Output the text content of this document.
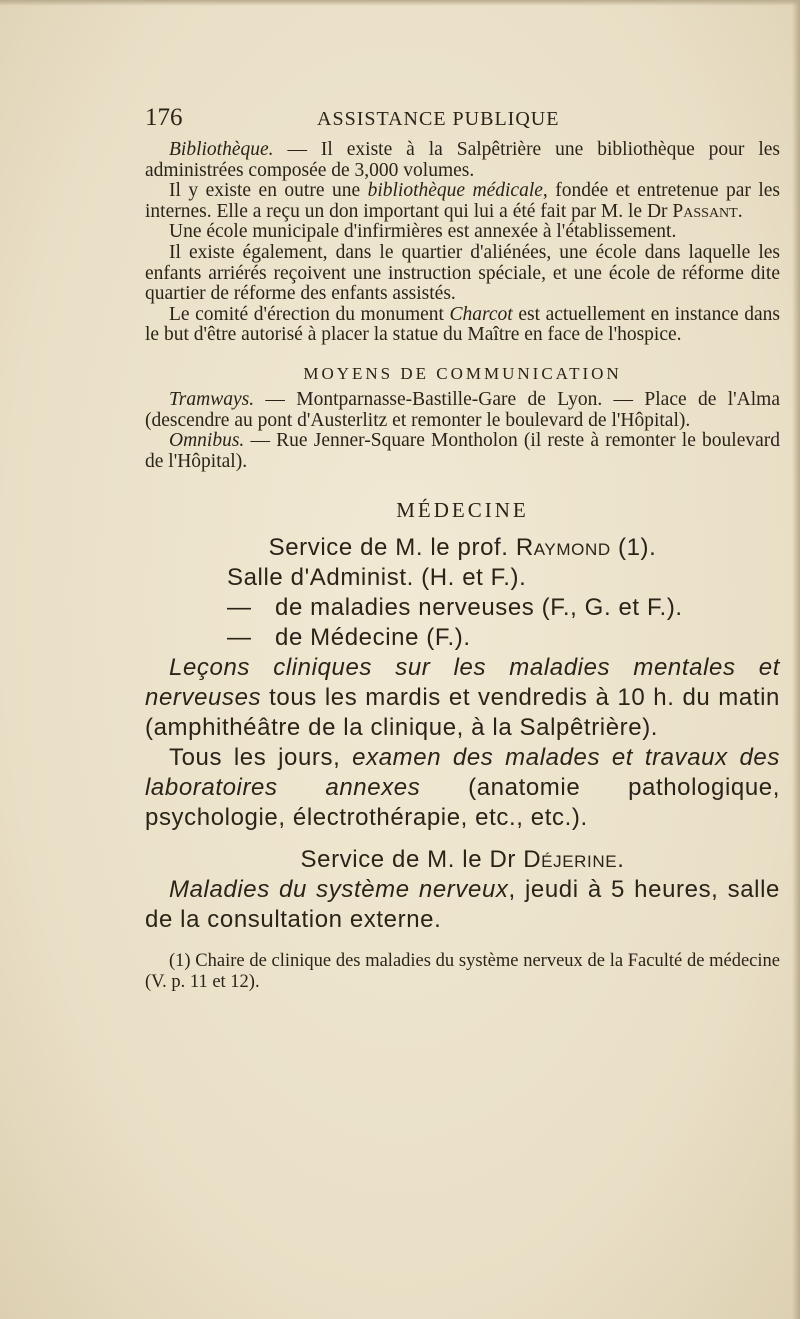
176	ASSISTANCE PUBLIQUE

Bibliothèque. — Il existe à la Salpêtrière une bibliothèque pour les administrées composée de 3,000 volumes.

Il y existe en outre une bibliothèque médicale, fondée et entretenue par les internes. Elle a reçu un don important qui lui a été fait par M. le Dr Passant.

Une école municipale d'infirmières est annexée à l'établissement.

Il existe également, dans le quartier d'aliénées, une école dans laquelle les enfants arriérés reçoivent une instruction spéciale, et une école de réforme dite quartier de réforme des enfants assistés.

Le comité d'érection du monument Charcot est actuellement en instance dans le but d'être autorisé à placer la statue du Maître en face de l'hospice.

MOYENS DE COMMUNICATION

Tramways. — Montparnasse-Bastille-Gare de Lyon. — Place de l'Alma (descendre au pont d'Austerlitz et remonter le boulevard de l'Hôpital).

Omnibus. — Rue Jenner-Square Montholon (il reste à remonter le boulevard de l'Hôpital).

MÉDECINE

Service de M. le prof. Raymond (1).

Salle d'Administ. (H. et F.).

— de maladies nerveuses (F., G. et F.).

— de Médecine (F.).

Leçons cliniques sur les maladies mentales et nerveuses tous les mardis et vendredis à 10 h. du matin (amphithéâtre de la clinique, à la Salpêtrière).

Tous les jours, examen des malades et travaux des laboratoires annexes (anatomie pathologique, psychologie, électrothérapie, etc., etc.).

Service de M. le Dr Déjerine.

Maladies du système nerveux, jeudi à 5 heures, salle de la consultation externe.

(1) Chaire de clinique des maladies du système nerveux de la Faculté de médecine (V. p. 11 et 12).
